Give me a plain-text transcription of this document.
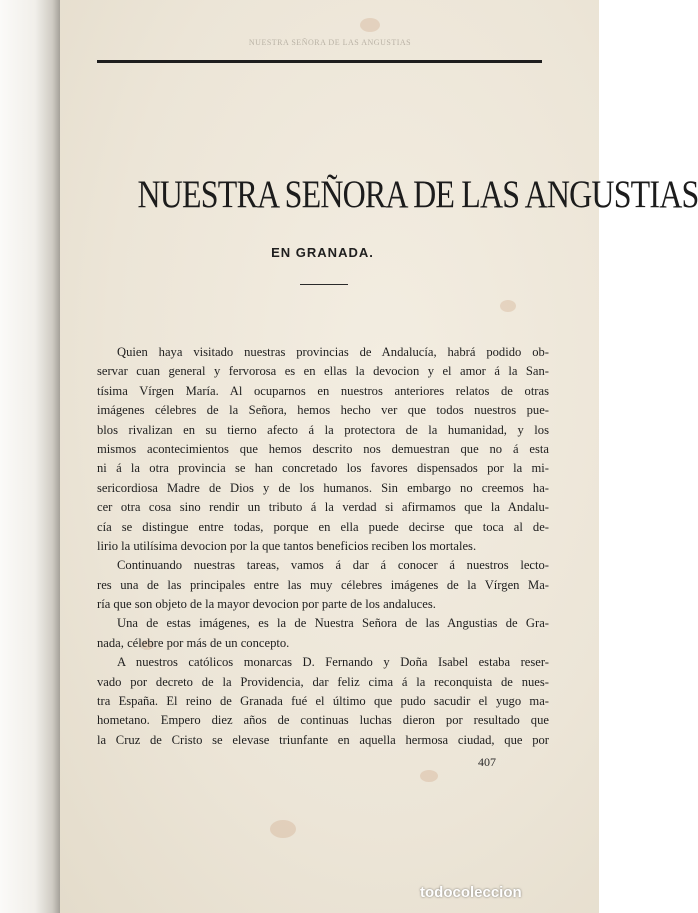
NUESTRA SEÑORA DE LAS ANGUSTIAS
NUESTRA SEÑORA DE LAS ANGUSTIAS
EN GRANADA.
Quien haya visitado nuestras provincias de Andalucía, habrá podido ob-
servar cuan general y fervorosa es en ellas la devocion y el amor á la San-
tísima Vírgen María. Al ocuparnos en nuestros anteriores relatos de otras
imágenes célebres de la Señora, hemos hecho ver que todos nuestros pue-
blos rivalizan en su tierno afecto á la protectora de la humanidad, y los
mismos acontecimientos que hemos descrito nos demuestran que no á esta
ni á la otra provincia se han concretado los favores dispensados por la mi-
sericordiosa Madre de Dios y de los humanos. Sin embargo no creemos ha-
cer otra cosa sino rendir un tributo á la verdad si afirmamos que la Andalu-
cía se distingue entre todas, porque en ella puede decirse que toca al de-
lirio la utilísima devocion por la que tantos beneficios reciben los mortales.
Continuando nuestras tareas, vamos á dar á conocer á nuestros lecto-
res una de las principales entre las muy célebres imágenes de la Vírgen Ma-
ría que son objeto de la mayor devocion por parte de los andaluces.
Una de estas imágenes, es la de Nuestra Señora de las Angustias de Gra-
nada, célebre por más de un concepto.
A nuestros católicos monarcas D. Fernando y Doña Isabel estaba reser-
vado por decreto de la Providencia, dar feliz cima á la reconquista de nues-
tra España. El reino de Granada fué el último que pudo sacudir el yugo ma-
hometano. Empero diez años de continuas luchas dieron por resultado que
la Cruz de Cristo se elevase triunfante en aquella hermosa ciudad, que por
407
todocoleccion
